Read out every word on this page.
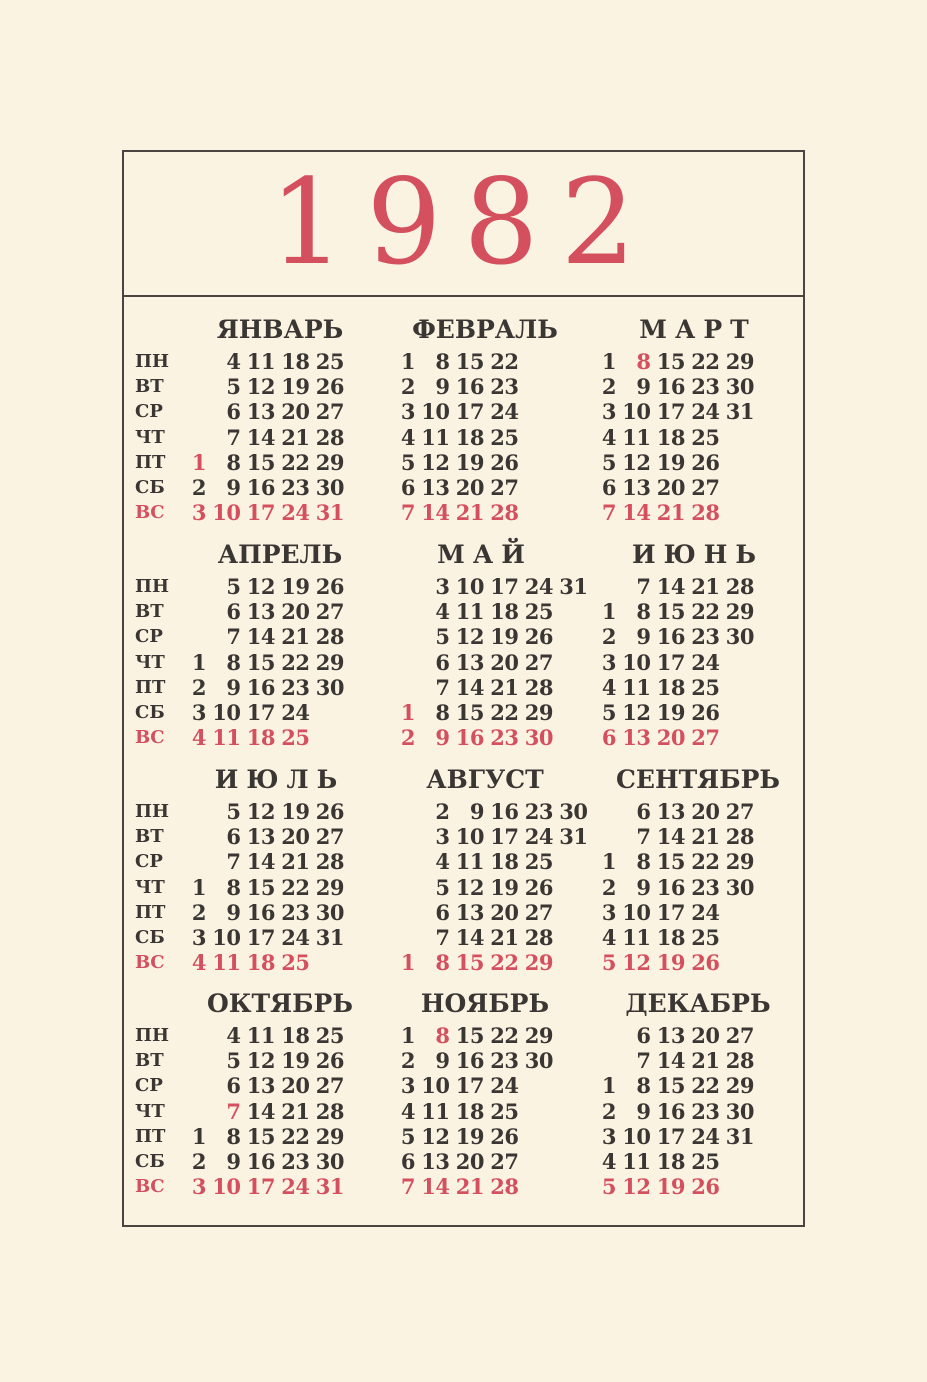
1982
ЯНВАРЬ
ПН
ВТ
СР
ЧТ
ПТ
СБ
ВС
1
2
3
4
5
6
7
8
9
10
11
12
13
14
15
16
17
18
19
20
21
22
23
24
25
26
27
28
29
30
31
ФЕВРАЛЬ
1
2
3
4
5
6
7
8
9
10
11
12
13
14
15
16
17
18
19
20
21
22
23
24
25
26
27
28
МАРТ
1
2
3
4
5
6
7
8
9
10
11
12
13
14
15
16
17
18
19
20
21
22
23
24
25
26
27
28
29
30
31
АПРЕЛЬ
ПН
ВТ
СР
ЧТ
ПТ
СБ
ВС
1
2
3
4
5
6
7
8
9
10
11
12
13
14
15
16
17
18
19
20
21
22
23
24
25
26
27
28
29
30
МАЙ
1
2
3
4
5
6
7
8
9
10
11
12
13
14
15
16
17
18
19
20
21
22
23
24
25
26
27
28
29
30
31
ИЮНЬ
1
2
3
4
5
6
7
8
9
10
11
12
13
14
15
16
17
18
19
20
21
22
23
24
25
26
27
28
29
30
ИЮЛЬ
ПН
ВТ
СР
ЧТ
ПТ
СБ
ВС
1
2
3
4
5
6
7
8
9
10
11
12
13
14
15
16
17
18
19
20
21
22
23
24
25
26
27
28
29
30
31
АВГУСТ
1
2
3
4
5
6
7
8
9
10
11
12
13
14
15
16
17
18
19
20
21
22
23
24
25
26
27
28
29
30
31
СЕНТЯБРЬ
1
2
3
4
5
6
7
8
9
10
11
12
13
14
15
16
17
18
19
20
21
22
23
24
25
26
27
28
29
30
ОКТЯБРЬ
ПН
ВТ
СР
ЧТ
ПТ
СБ
ВС
1
2
3
4
5
6
7
8
9
10
11
12
13
14
15
16
17
18
19
20
21
22
23
24
25
26
27
28
29
30
31
НОЯБРЬ
1
2
3
4
5
6
7
8
9
10
11
12
13
14
15
16
17
18
19
20
21
22
23
24
25
26
27
28
29
30
ДЕКАБРЬ
1
2
3
4
5
6
7
8
9
10
11
12
13
14
15
16
17
18
19
20
21
22
23
24
25
26
27
28
29
30
31
